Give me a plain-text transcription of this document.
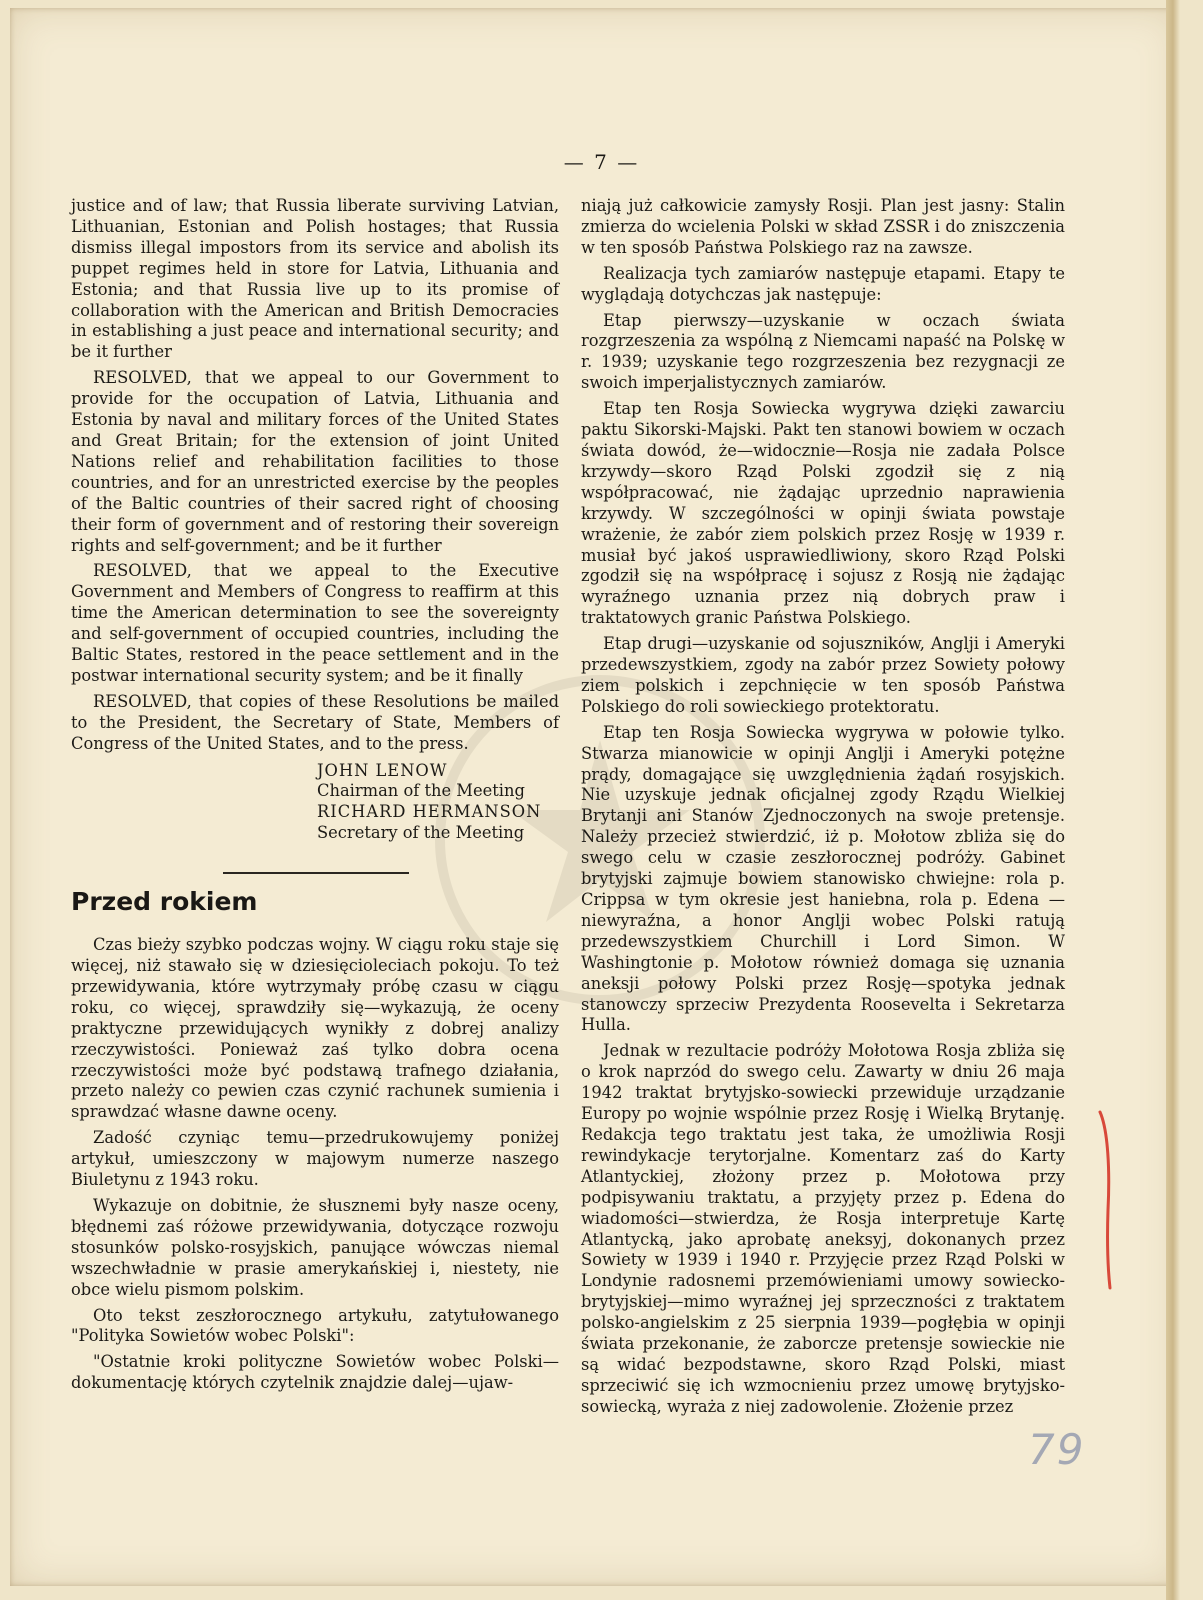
— 7 —

justice and of law; that Russia liberate surviving Latvian, Lithuanian, Estonian and Polish hostages; that Russia dismiss illegal impostors from its service and abolish its puppet regimes held in store for Latvia, Lithuania and Estonia; and that Russia live up to its promise of collaboration with the American and British Democracies in establishing a just peace and international security; and be it further

RESOLVED, that we appeal to our Government to provide for the occupation of Latvia, Lithuania and Estonia by naval and military forces of the United States and Great Britain; for the extension of joint United Nations relief and rehabilitation facilities to those countries, and for an unrestricted exercise by the peoples of the Baltic countries of their sacred right of choosing their form of government and of restoring their sovereign rights and self-government; and be it further

RESOLVED, that we appeal to the Executive Government and Members of Congress to reaffirm at this time the American determination to see the sovereignty and self-government of occupied countries, including the Baltic States, restored in the peace settlement and in the postwar international security system; and be it finally

RESOLVED, that copies of these Resolutions be mailed to the President, the Secretary of State, Members of Congress of the United States, and to the press.

JOHN LENOW
Chairman of the Meeting
RICHARD HERMANSON
Secretary of the Meeting
Przed rokiem

Czas bieży szybko podczas wojny. W ciągu roku staje się więcej, niż stawało się w dziesięcioleciach pokoju. To też przewidywania, które wytrzymały próbę czasu w ciągu roku, co więcej, sprawdziły się—wykazują, że oceny praktyczne przewidujących wynikły z dobrej analizy rzeczywistości. Ponieważ zaś tylko dobra ocena rzeczywistości może być podstawą trafnego działania, przeto należy co pewien czas czynić rachunek sumienia i sprawdzać własne dawne oceny.

Zadość czyniąc temu—przedrukowujemy poniżej artykuł, umieszczony w majowym numerze naszego Biuletynu z 1943 roku.

Wykazuje on dobitnie, że słusznemi były nasze oceny, błędnemi zaś różowe przewidywania, dotyczące rozwoju stosunków polsko-rosyjskich, panujące wówczas niemal wszechwładnie w prasie amerykańskiej i, niestety, nie obce wielu pismom polskim.

Oto tekst zeszłorocznego artykułu, zatytułowanego "Polityka Sowietów wobec Polski":

"Ostatnie kroki polityczne Sowietów wobec Polski—dokumentację których czytelnik znajdzie dalej—ujaw-

niają już całkowicie zamysły Rosji. Plan jest jasny: Stalin zmierza do wcielenia Polski w skład ZSSR i do zniszczenia w ten sposób Państwa Polskiego raz na zawsze.

Realizacja tych zamiarów następuje etapami. Etapy te wyglądają dotychczas jak następuje:

Etap pierwszy—uzyskanie w oczach świata rozgrzeszenia za wspólną z Niemcami napaść na Polskę w r. 1939; uzyskanie tego rozgrzeszenia bez rezygnacji ze swoich imperjalistycznych zamiarów.

Etap ten Rosja Sowiecka wygrywa dzięki zawarciu paktu Sikorski-Majski. Pakt ten stanowi bowiem w oczach świata dowód, że—widocznie—Rosja nie zadała Polsce krzywdy—skoro Rząd Polski zgodził się z nią współpracować, nie żądając uprzednio naprawienia krzywdy. W szczególności w opinji świata powstaje wrażenie, że zabór ziem polskich przez Rosję w 1939 r. musiał być jakoś usprawiedliwiony, skoro Rząd Polski zgodził się na współpracę i sojusz z Rosją nie żądając wyraźnego uznania przez nią dobrych praw i traktatowych granic Państwa Polskiego.

Etap drugi—uzyskanie od sojuszników, Anglji i Ameryki przedewszystkiem, zgody na zabór przez Sowiety połowy ziem polskich i zepchnięcie w ten sposób Państwa Polskiego do roli sowieckiego protektoratu.

Etap ten Rosja Sowiecka wygrywa w połowie tylko. Stwarza mianowicie w opinji Anglji i Ameryki potężne prądy, domagające się uwzględnienia żądań rosyjskich. Nie uzyskuje jednak oficjalnej zgody Rządu Wielkiej Brytanji ani Stanów Zjednoczonych na swoje pretensje. Należy przecież stwierdzić, iż p. Mołotow zbliża się do swego celu w czasie zeszłorocznej podróży. Gabinet brytyjski zajmuje bowiem stanowisko chwiejne: rola p. Crippsa w tym okresie jest haniebna, rola p. Edena —niewyraźna, a honor Anglji wobec Polski ratują przedewszystkiem Churchill i Lord Simon. W Washingtonie p. Mołotow również domaga się uznania aneksji połowy Polski przez Rosję—spotyka jednak stanowczy sprzeciw Prezydenta Roosevelta i Sekretarza Hulla.

Jednak w rezultacie podróży Mołotowa Rosja zbliża się o krok naprzód do swego celu. Zawarty w dniu 26 maja 1942 traktat brytyjsko-sowiecki przewiduje urządzanie Europy po wojnie wspólnie przez Rosję i Wielką Brytanję. Redakcja tego traktatu jest taka, że umożliwia Rosji rewindykacje terytorjalne. Komentarz zaś do Karty Atlantyckiej, złożony przez p. Mołotowa przy podpisywaniu traktatu, a przyjęty przez p. Edena do wiadomości—stwierdza, że Rosja interpretuje Kartę Atlantycką, jako aprobatę aneksyj, dokonanych przez Sowiety w 1939 i 1940 r. Przyjęcie przez Rząd Polski w Londynie radosnemi przemówieniami umowy sowiecko-brytyjskiej—mimo wyraźnej jej sprzeczności z traktatem polsko-angielskim z 25 sierpnia 1939—pogłębia w opinji świata przekonanie, że zaborcze pretensje sowieckie nie są widać bezpodstawne, skoro Rząd Polski, miast sprzeciwić się ich wzmocnieniu przez umowę brytyjsko-sowiecką, wyraża z niej zadowolenie. Złożenie przez

79
